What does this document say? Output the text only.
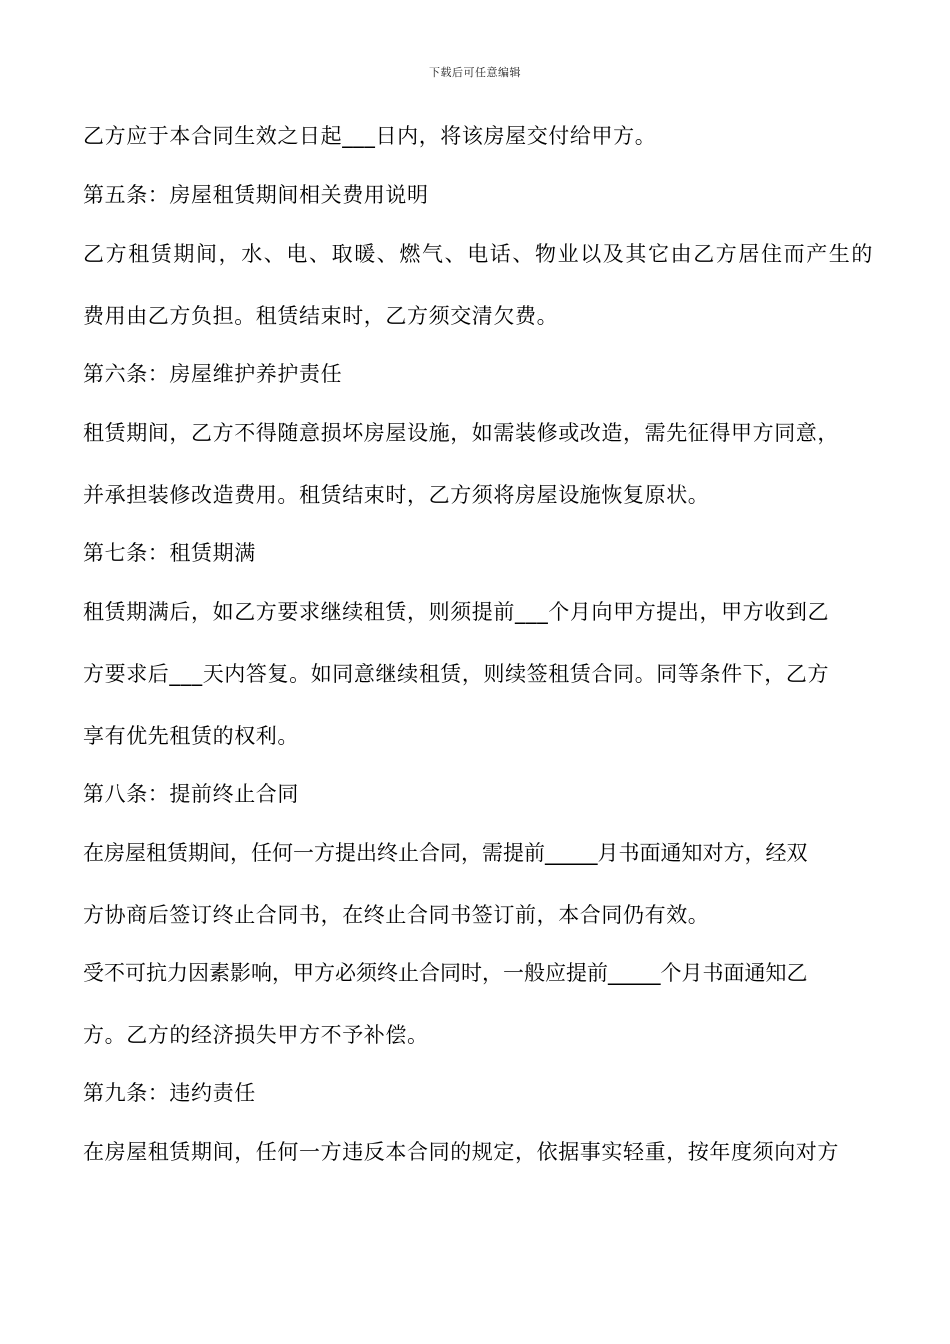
下载后可任意编辑
乙方应于本合同生效之日起___日内，将该房屋交付给甲方。
第五条：房屋租赁期间相关费用说明
乙方租赁期间，水、电、取暖、燃气、电话、物业以及其它由乙方居住而产生的
费用由乙方负担。租赁结束时，乙方须交清欠费。
第六条：房屋维护养护责任
租赁期间，乙方不得随意损坏房屋设施，如需装修或改造，需先征得甲方同意，
并承担装修改造费用。租赁结束时，乙方须将房屋设施恢复原状。
第七条：租赁期满
租赁期满后，如乙方要求继续租赁，则须提前___个月向甲方提出，甲方收到乙
方要求后___天内答复。如同意继续租赁，则续签租赁合同。同等条件下，乙方
享有优先租赁的权利。
第八条：提前终止合同
在房屋租赁期间，任何一方提出终止合同，需提前_____月书面通知对方，经双
方协商后签订终止合同书，在终止合同书签订前，本合同仍有效。
受不可抗力因素影响，甲方必须终止合同时，一般应提前_____个月书面通知乙
方。乙方的经济损失甲方不予补偿。
第九条：违约责任
在房屋租赁期间，任何一方违反本合同的规定，依据事实轻重，按年度须向对方
